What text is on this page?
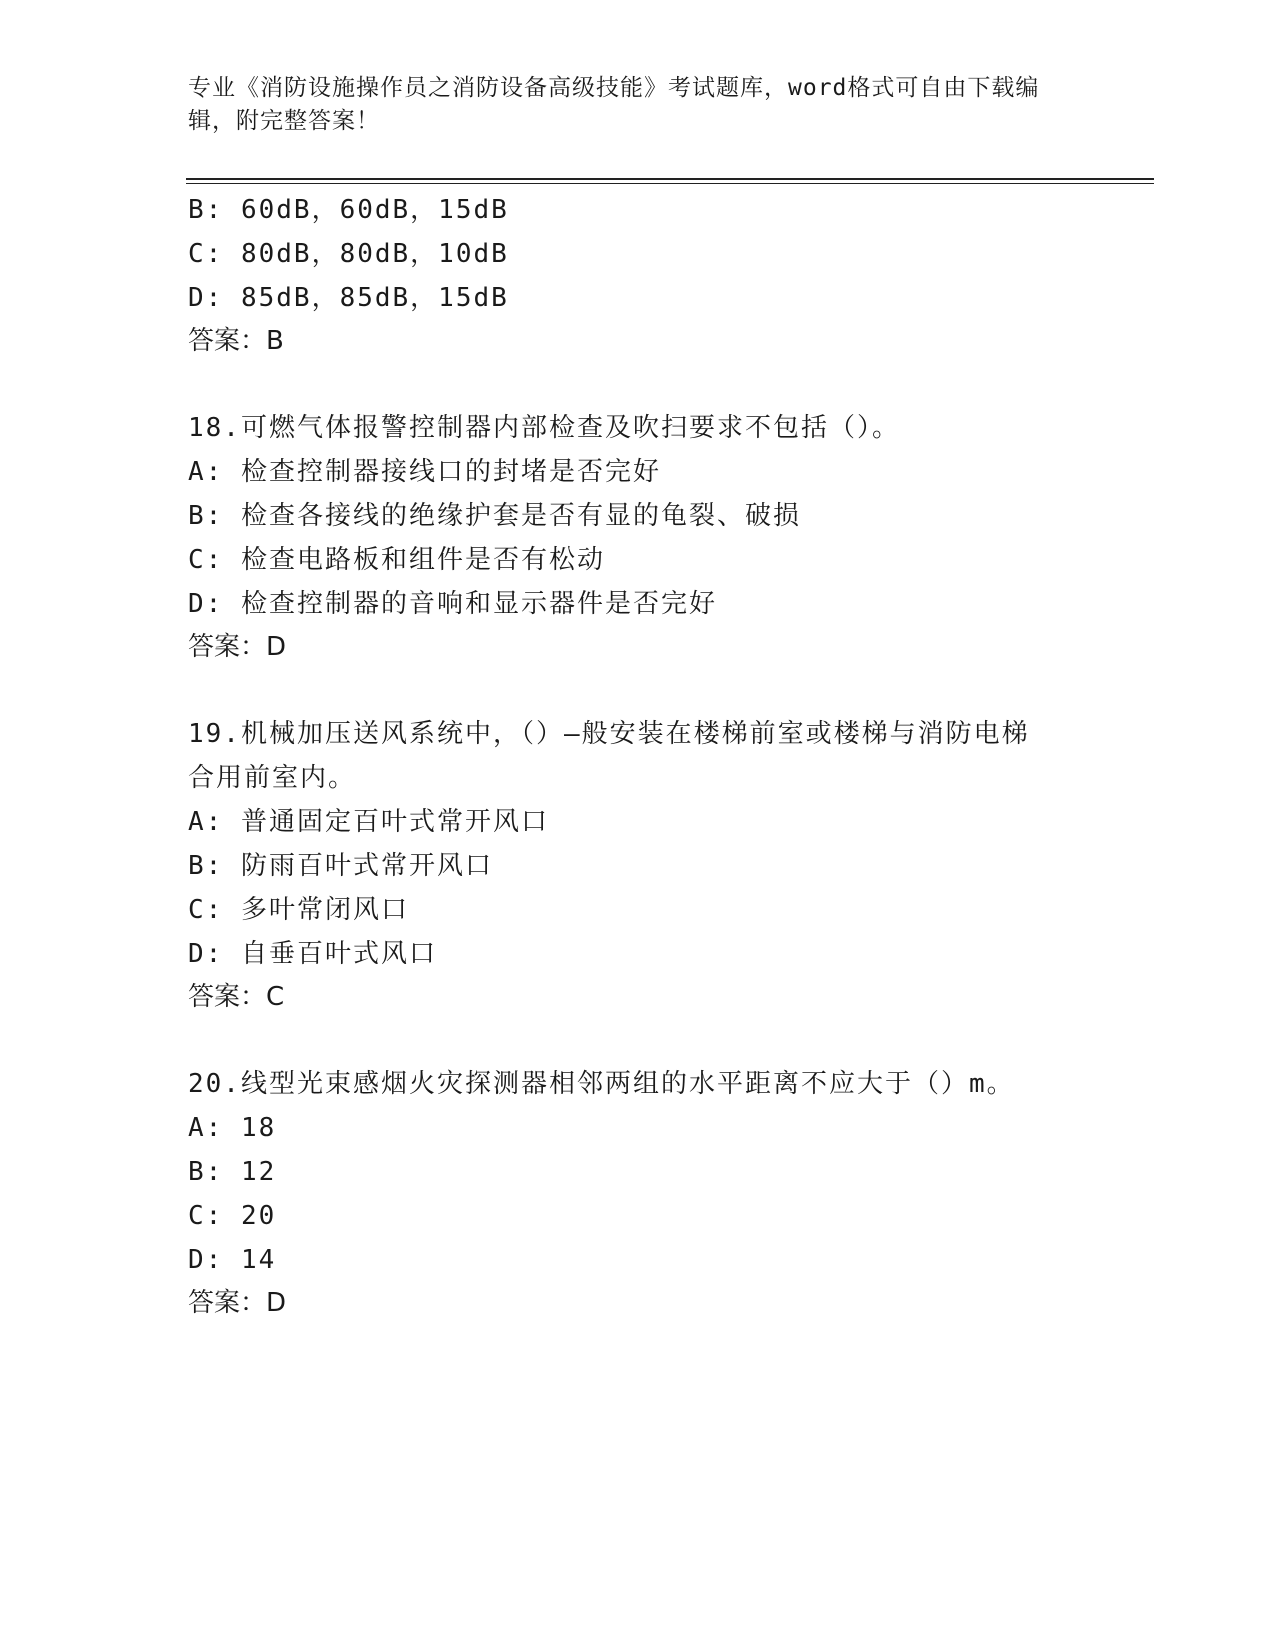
专业《消防设施操作员之消防设备高级技能》考试题库，word格式可自由下载编
辑，附完整答案！
B: 60dB，60dB，15dB
C: 80dB，80dB，10dB
D: 85dB，85dB，15dB
答案：B
18.可燃气体报警控制器内部检查及吹扫要求不包括（）。
A: 检查控制器接线口的封堵是否完好
B: 检查各接线的绝缘护套是否有显的龟裂、破损
C: 检查电路板和组件是否有松动
D: 检查控制器的音响和显示器件是否完好
答案：D
19.机械加压送风系统中，（）—般安装在楼梯前室或楼梯与消防电梯
合用前室内。
A: 普通固定百叶式常开风口
B: 防雨百叶式常开风口
C: 多叶常闭风口
D: 自垂百叶式风口
答案：C
20.线型光束感烟火灾探测器相邻两组的水平距离不应大于（）m。
A: 18
B: 12
C: 20
D: 14
答案：D
